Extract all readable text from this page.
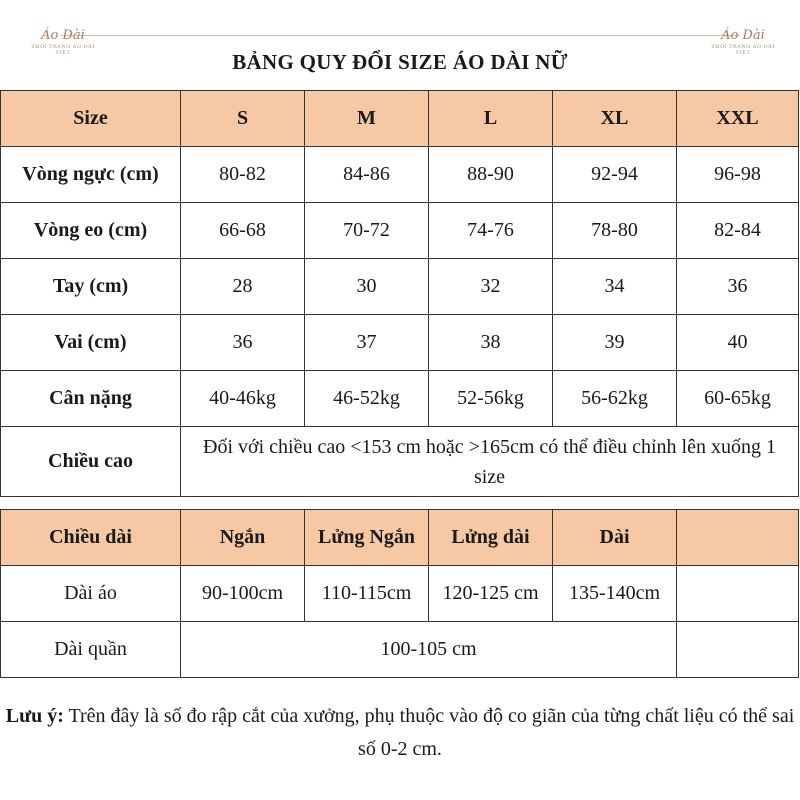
Áo Dài
THỜI TRANG ÁO DÀI VIỆT
Áo Dài
THỜI TRANG ÁO DÀI VIỆT
BẢNG QUY ĐỔI SIZE ÁO DÀI NỮ
Size	S	M	L	XL	XXL
Vòng ngực (cm)	80-82	84-86	88-90	92-94	96-98
Vòng eo (cm)	66-68	70-72	74-76	78-80	82-84
Tay (cm)	28	30	32	34	36
Vai (cm)	36	37	38	39	40
Cân nặng	40-46kg	46-52kg	52-56kg	56-62kg	60-65kg
Chiều cao	Đối với chiều cao <153 cm hoặc >165cm có thể điều chỉnh lên xuống 1 size				
Chiều dài	Ngắn	Lửng Ngắn	Lửng dài	Dài	
Dài áo	90-100cm	110-115cm	120-125 cm	135-140cm	
Dài quần	100-105 cm				
Lưu ý: Trên đây là số đo rập cắt của xưởng, phụ thuộc vào độ co giãn của từng chất liệu có thể sai số 0-2 cm.
